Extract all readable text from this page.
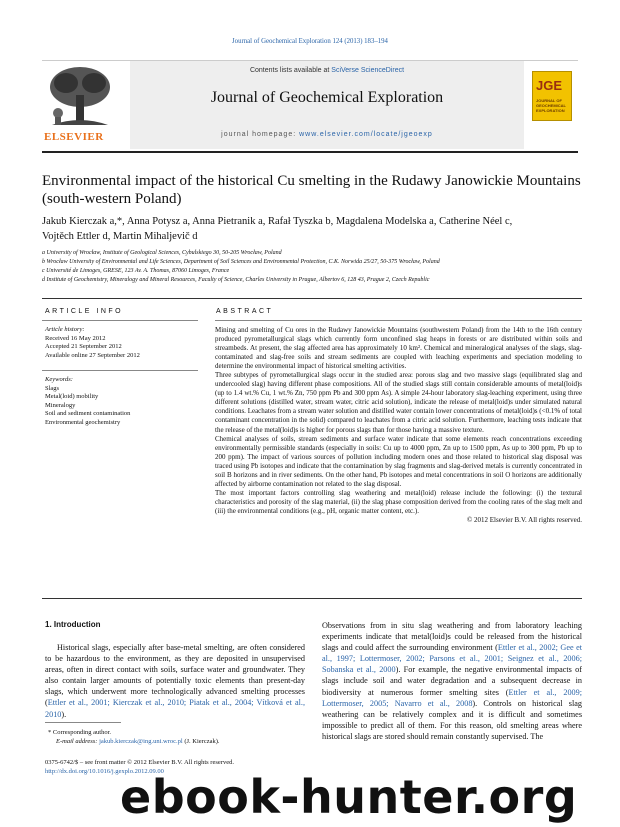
Journal of Geochemical Exploration 124 (2013) 183–194
ELSEVIER
Contents lists available at SciVerse ScienceDirect
Journal of Geochemical Exploration
journal homepage: www.elsevier.com/locate/jgeoexp
JGE
JOURNAL OF GEOCHEMICAL EXPLORATION
Environmental impact of the historical Cu smelting in the Rudawy Janowickie Mountains (south-western Poland)
Jakub Kierczak a,*, Anna Potysz a, Anna Pietranik a, Rafał Tyszka b, Magdalena Modelska a, Catherine Néel c,
Vojtěch Ettler d, Martin Mihaljevič d
a University of Wrocław, Institute of Geological Sciences, Cybulskiego 30, 50-205 Wrocław, Poland
b Wrocław University of Environmental and Life Sciences, Department of Soil Sciences and Environmental Protection, C.K. Norwida 25/27, 50-375 Wrocław, Poland
c Université de Limoges, GRESE, 123 Av. A. Thomas, 87060 Limoges, France
d Institute of Geochemistry, Mineralogy and Mineral Resources, Faculty of Science, Charles University in Prague, Albertov 6, 128 43, Prague 2, Czech Republic
ARTICLE INFO
Article history:
Received 16 May 2012
Accepted 21 September 2012
Available online 27 September 2012
Keywords:
Slags
Metal(loid) mobility
Mineralogy
Soil and sediment contamination
Environmental geochemistry
ABSTRACT

Mining and smelting of Cu ores in the Rudawy Janowickie Mountains (southwestern Poland) from the 14th to the 16th century produced pyrometallurgical slags which currently form unconfined slag heaps in forests or are distributed within soils and streambeds. At present, the slag affected area has approximately 10 km². Chemical and mineralogical analyses of the slags, slag-contaminated and slag-free soils and stream sediments are coupled with leaching experiments and speciation modeling to determine the environmental impact of historical smelting activities.

Three subtypes of pyrometallurgical slags occur in the studied area: porous slag and two massive slags (equilibrated slag and undercooled slag) having different phase compositions. All of the studied slags still contain considerable amounts of metal(loid)s (up to 1.4 wt.% Cu, 1 wt.% Zn, 750 ppm Pb and 300 ppm As). A simple 24-hour laboratory slag-leaching experiment, using three different solutions (distilled water, stream water, citric acid solution), indicate the release of metal(loid)s under simulated natural conditions. Leachates from a stream water solution and distilled water contain lower concentrations of metal(loid)s (<0.1% of total contaminant concentration in the solid) compared to leachates from a citric acid solution. Furthermore, leaching tests indicate that the release of the metal(loid)s is higher for porous slags than for those having a massive texture.

Chemical analyses of soils, stream sediments and surface water indicate that some elements reach concentrations exceeding environmentally permissible standards (especially in soils: Cu up to 4000 ppm, Zn up to 1500 ppm, As up to 300 ppm, Pb up to 200 ppm). The impact of various sources of pollution including modern ones and those related to historical slag disposal was traced using Pb isotopes and indicate that the contamination by slag fragments and slag-derived metals is currently concentrated in soil B horizons and in river sediments. On the other hand, Pb isotopes and metal concentrations in soil O horizons are additionally affected by airborne contamination not related to the slag disposal.

The most important factors controlling slag weathering and metal(loid) release include the following: (i) the textural characteristics and porosity of the slag material, (ii) the slag phase composition derived from the cooling rates of the slag melt and (iii) the environmental conditions (e.g., pH, organic matter content, etc.).

© 2012 Elsevier B.V. All rights reserved.

1. Introduction

Historical slags, especially after base-metal smelting, are often considered to be hazardous to the environment, as they are deposited in unsupervised areas, often in direct contact with soils, surface water and groundwater. They also contain larger amounts of potentially toxic elements than present-day slags, which underwent more technologically advanced smelting processes (Ettler et al., 2001; Kierczak et al., 2010; Piatak et al., 2004; Vítková et al., 2010).

Observations from in situ slag weathering and from laboratory leaching experiments indicate that metal(loid)s could be released from the historical slags and could affect the surrounding environment (Ettler et al., 2002; Gee et al., 1997; Lottermoser, 2002; Parsons et al., 2001; Seignez et al., 2006; Sobanska et al., 2000). For example, the negative environmental impacts of slags include soil and water degradation and a subsequent decrease in biodiversity at numerous former smelting sites (Ettler et al., 2009; Lottermoser, 2005; Navarro et al., 2008). Controls on historical slag weathering can be relatively complex and it is difficult and sometimes impossible to predict all of them. For this reason, old smelting areas where historical slags are stored should remain constantly supervised. The

* Corresponding author.
E-mail address: jakub.kierczak@ing.uni.wroc.pl (J. Kierczak).
0375-6742/$ – see front matter © 2012 Elsevier B.V. All rights reserved.
http://dx.doi.org/10.1016/j.gexplo.2012.09.00
ebook-hunter.org
